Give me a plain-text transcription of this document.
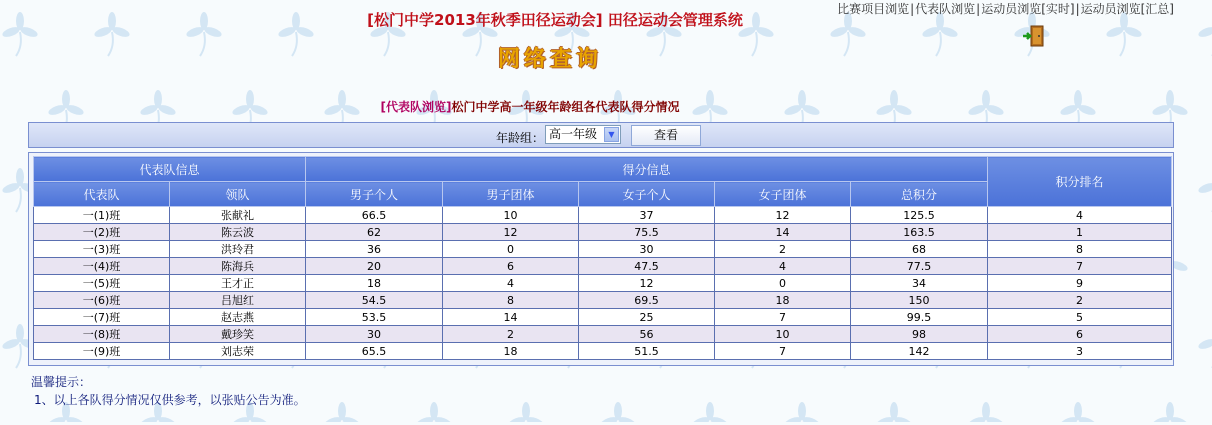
[松门中学2013年秋季田径运动会] 田径运动会管理系统
比赛项目浏览|代表队浏览|运动员浏览[实时]|运动员浏览[汇总]
网络查询
[代表队浏览]松门中学高一年级年龄组各代表队得分情况
年龄组： 高一年级	▼	查看
代表队信息		得分信息					积分排名
代表队	领队	男子个人	男子团体	女子个人	女子团体	总积分	
一(1)班	张献礼	66.5	10	37	12	125.5	4
一(2)班	陈云波	62	12	75.5	14	163.5	1
一(3)班	洪玲君	36	0	30	2	68	8
一(4)班	陈海兵	20	6	47.5	4	77.5	7
一(5)班	王才正	18	4	12	0	34	9
一(6)班	吕旭红	54.5	8	69.5	18	150	2
一(7)班	赵志燕	53.5	14	25	7	99.5	5
一(8)班	戴珍笑	30	2	56	10	98	6
一(9)班	刘志荣	65.5	18	51.5	7	142	3
温馨提示：
1、以上各队得分情况仅供参考，以张贴公告为准。
